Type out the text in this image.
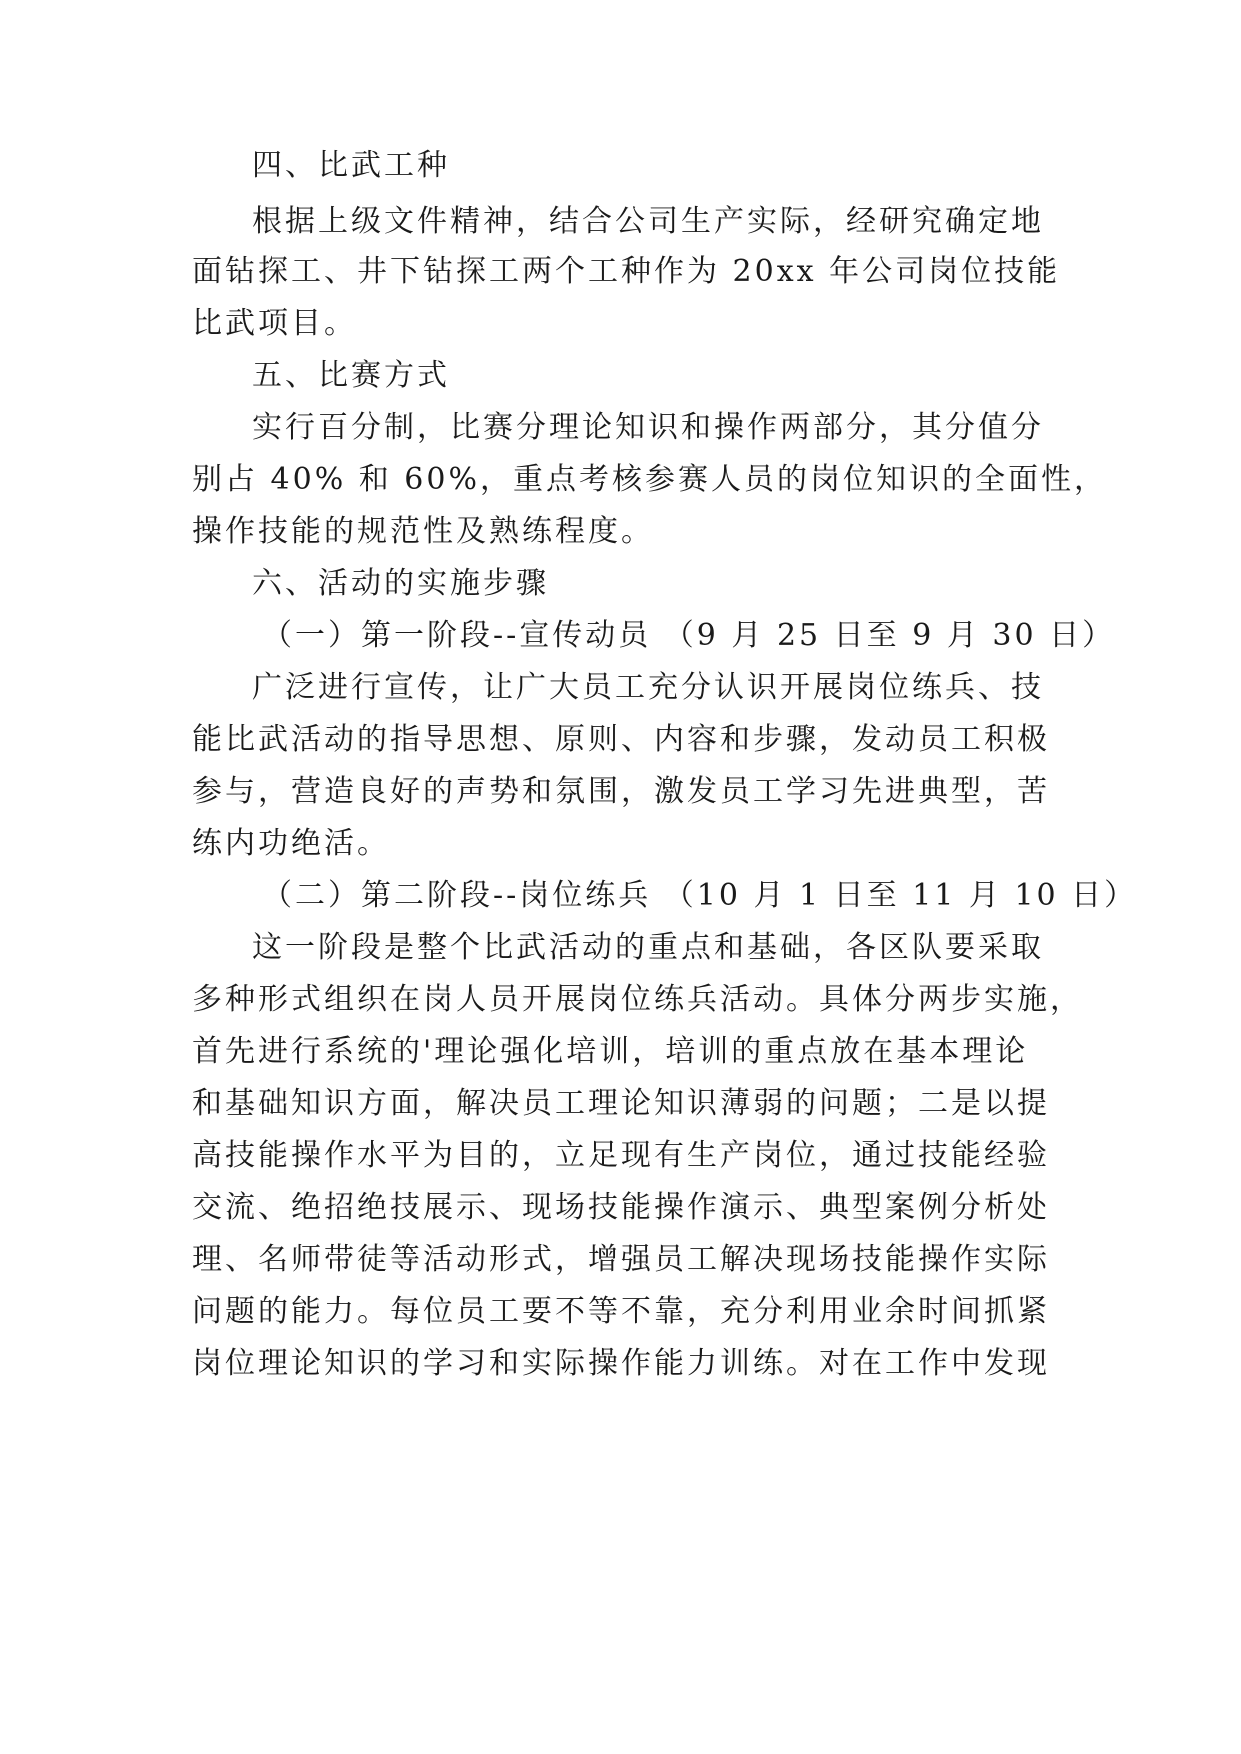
四、比武工种
根据上级文件精神，结合公司生产实际，经研究确定地
面钻探工、井下钻探工两个工种作为 20xx 年公司岗位技能
比武项目。
五、比赛方式
实行百分制，比赛分理论知识和操作两部分，其分值分
别占 40% 和 60%，重点考核参赛人员的岗位知识的全面性，
操作技能的规范性及熟练程度。
六、活动的实施步骤
（一）第一阶段--宣传动员 （9 月 25 日至 9 月 30 日）
广泛进行宣传，让广大员工充分认识开展岗位练兵、技
能比武活动的指导思想、原则、内容和步骤，发动员工积极
参与，营造良好的声势和氛围，激发员工学习先进典型，苦
练内功绝活。
（二）第二阶段--岗位练兵 （10 月 1 日至 11 月 10 日）
这一阶段是整个比武活动的重点和基础，各区队要采取
多种形式组织在岗人员开展岗位练兵活动。具体分两步实施，
首先进行系统的'理论强化培训，培训的重点放在基本理论
和基础知识方面，解决员工理论知识薄弱的问题；二是以提
高技能操作水平为目的，立足现有生产岗位，通过技能经验
交流、绝招绝技展示、现场技能操作演示、典型案例分析处
理、名师带徒等活动形式，增强员工解决现场技能操作实际
问题的能力。每位员工要不等不靠，充分利用业余时间抓紧
岗位理论知识的学习和实际操作能力训练。对在工作中发现
